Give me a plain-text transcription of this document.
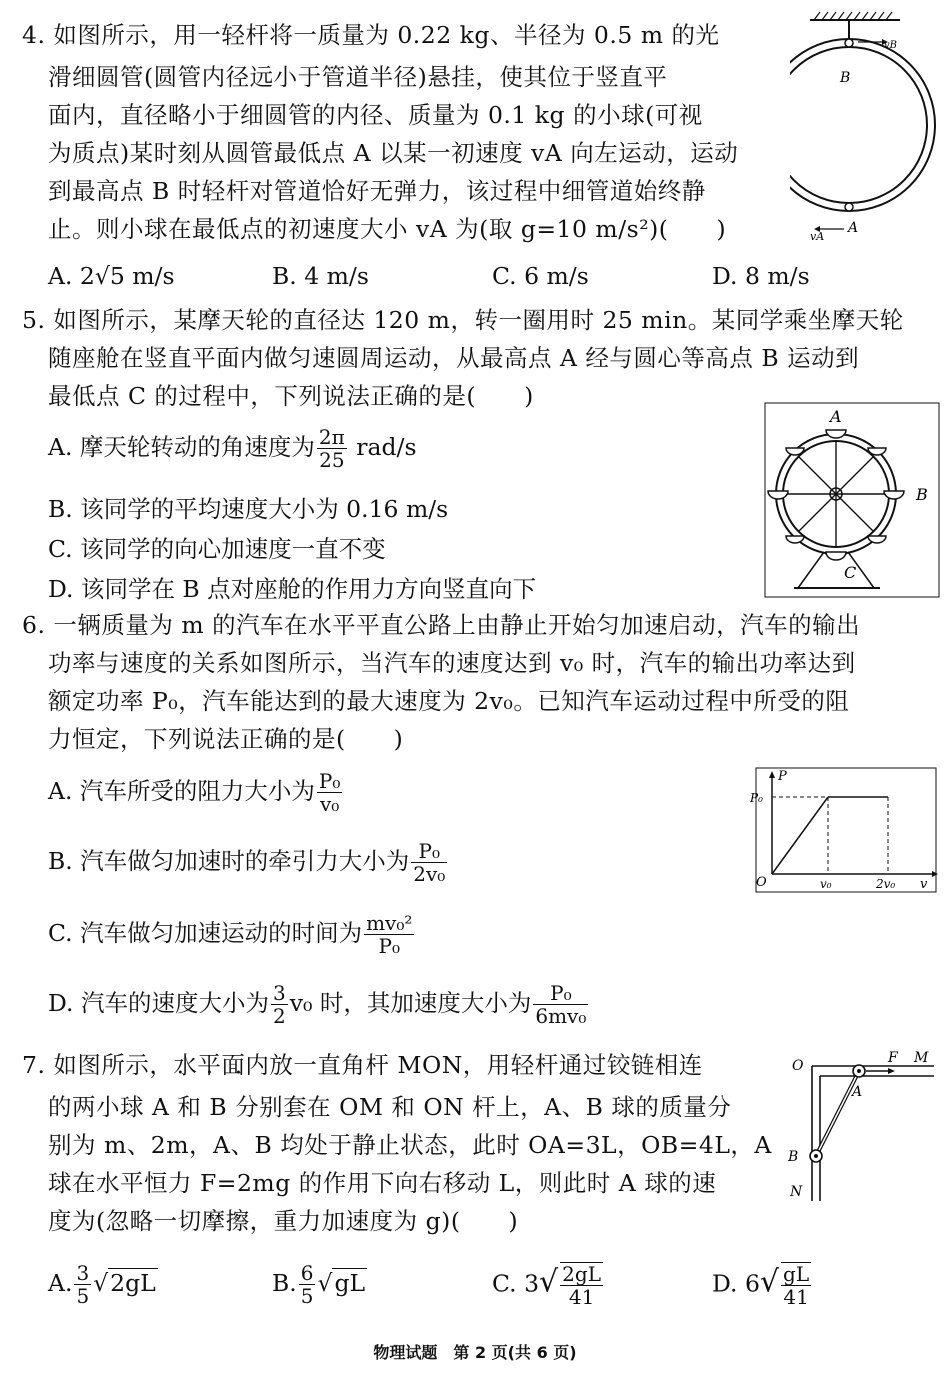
4. 如图所示，用一轻杆将一质量为 0.22 kg、半径为 0.5 m 的光
滑细圆管(圆管内径远小于管道半径)悬挂，使其位于竖直平
面内，直径略小于细圆管的内径、质量为 0.1 kg 的小球(可视
为质点)某时刻从圆管最低点 A 以某一初速度 vA 向左运动，运动
到最高点 B 时轻杆对管道恰好无弹力，该过程中细管道始终静
止。则小球在最低点的初速度大小 vA 为(取 g=10 m/s²)(　　)
A. 2√5 m/s	B. 4 m/s	C. 6 m/s	D. 8 m/s
vB
B
vA
A
5. 如图所示，某摩天轮的直径达 120 m，转一圈用时 25 min。某同学乘坐摩天轮
随座舱在竖直平面内做匀速圆周运动，从最高点 A 经与圆心等高点 B 运动到
最低点 C 的过程中，下列说法正确的是(　　)
A. 摩天轮转动的角速度为 $\frac{2\pi}{25} rad/s$
B. 该同学的平均速度大小为 0.16 m/s
C. 该同学的向心加速度一直不变
D. 该同学在 B 点对座舱的作用力方向竖直向下
A
B
C
6. 一辆质量为 m 的汽车在水平平直公路上由静止开始匀加速启动，汽车的输出
功率与速度的关系如图所示，当汽车的速度达到 v₀ 时，汽车的输出功率达到
额定功率 P₀，汽车能达到的最大速度为 2v₀。已知汽车运动过程中所受的阻
力恒定，下列说法正确的是(　　)
A. 汽车所受的阻力大小为 $\frac{\text{P₀}}{\text{v₀}}$
B. 汽车做匀加速时的牵引力大小为 $\frac{\text{P₀}}{\text{2v₀}}$
C. 汽车做匀加速运动的时间为 $\frac{\text{mv₀²}}{\text{P₀}}$
D. 汽车的速度大小为 $\frac{3}{2} v_0$ 时，其加速度大小为 $\frac{\text{P₀}}{\text{6mv₀}}$
P
P₀
O	v₀	2v₀ v
7. 如图所示，水平面 • • •内放一直角杆 MON，用轻杆通过铰链相连
的两小球 A 和 B 分别套在 OM 和 ON 杆上，A、B 球的质量分
别为 m、2m，A、B 均处于静止状态，此时 OA=3L，OB=4L，A
球在水平恒力 F=2mg 的作用下向右移动 L，则此时 A 球的速
度为(忽略一切摩擦，重力加速度为 g)(　　)
A. $\frac{3}{5} √2gL$	B. $\frac{6}{5} √gL$	C. $3√ \frac{2gL}{41}$	D. $6√ \frac{gL}{41}$
O	F M
A
B
N
物理试题　第 2 页(共 6 页)
